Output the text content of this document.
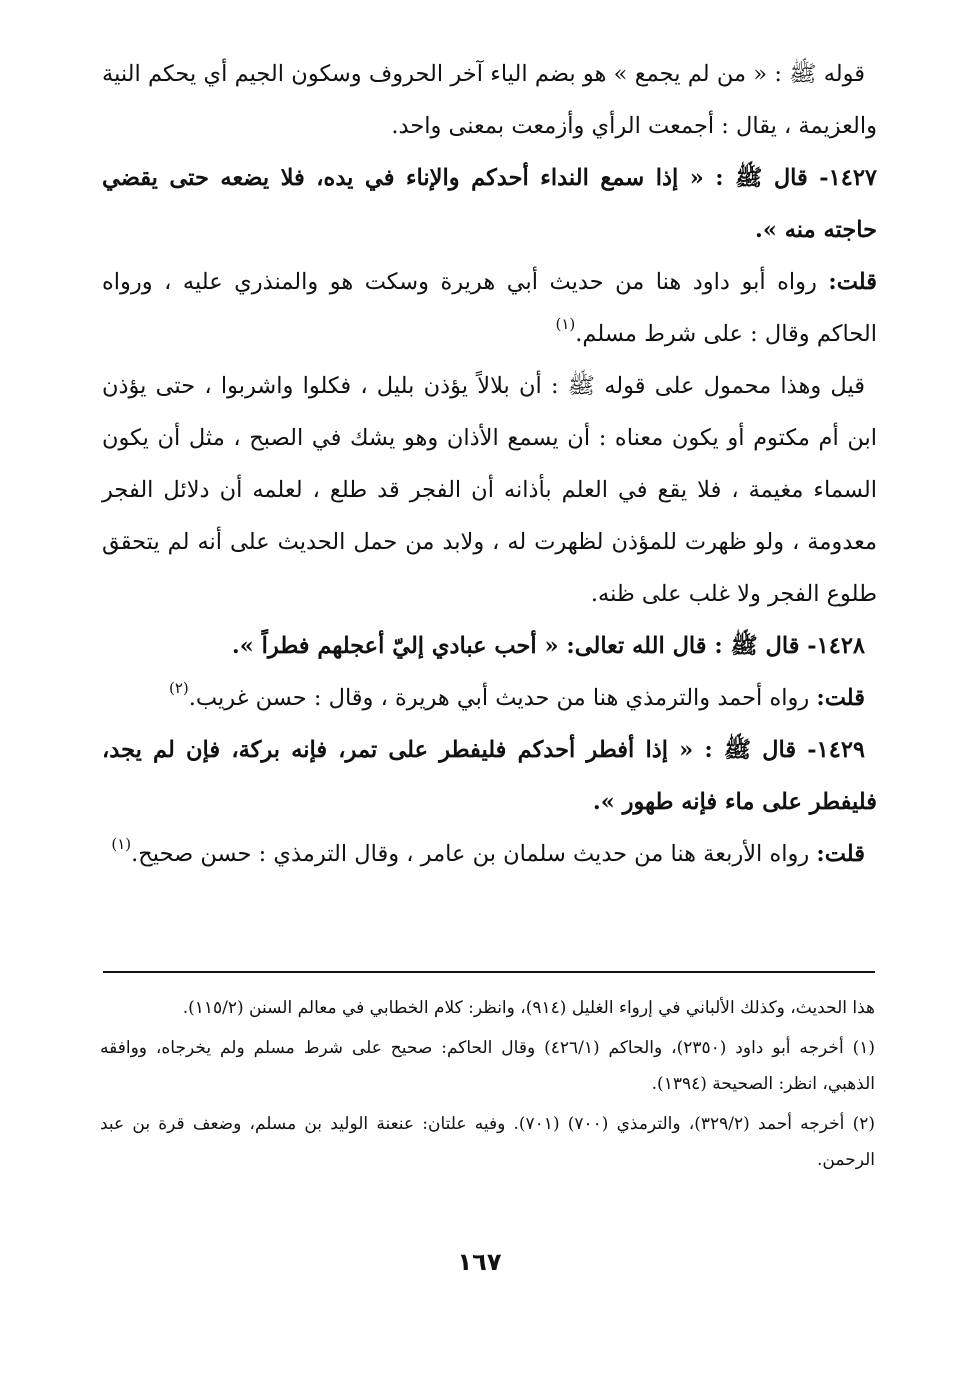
قوله ﷺ : « من لم يجمع » هو بضم الياء آخر الحروف وسكون الجيم أي يحكم النية والعزيمة ، يقال : أجمعت الرأي وأزمعت بمعنى واحد.

١٤٢٧- قال ﷺ : « إذا سمع النداء أحدكم والإناء في يده، فلا يضعه حتى يقضي حاجته منه ».

قلت: رواه أبو داود هنا من حديث أبي هريرة وسكت هو والمنذري عليه ، ورواه الحاكم وقال : على شرط مسلم.$^{(١)}$

قيل وهذا محمول على قوله ﷺ : أن بلالاً يؤذن بليل ، فكلوا واشربوا ، حتى يؤذن ابن أم مكتوم أو يكون معناه : أن يسمع الأذان وهو يشك في الصبح ، مثل أن يكون السماء مغيمة ، فلا يقع في العلم بأذانه أن الفجر قد طلع ، لعلمه أن دلائل الفجر معدومة ، ولو ظهرت للمؤذن لظهرت له ، ولابد من حمل الحديث على أنه لم يتحقق طلوع الفجر ولا غلب على ظنه.

١٤٢٨- قال ﷺ : قال الله تعالى: « أحب عبادي إليّ أعجلهم فطراً ».

قلت: رواه أحمد والترمذي هنا من حديث أبي هريرة ، وقال : حسن غريب.$^{(٢)}$

١٤٢٩- قال ﷺ : « إذا أفطر أحدكم فليفطر على تمر، فإنه بركة، فإن لم يجد، فليفطر على ماء فإنه طهور ».

قلت: رواه الأربعة هنا من حديث سلمان بن عامر ، وقال الترمذي : حسن صحيح.$^{(١)}$

هذا الحديث، وكذلك الألباني في إرواء الغليل (٩١٤)، وانظر: كلام الخطابي في معالم السنن (١١٥/٢).

(١) أخرجه أبو داود (٢٣٥٠)، والحاكم (٤٢٦/١) وقال الحاكم: صحيح على شرط مسلم ولم يخرجاه، ووافقه الذهبي، انظر: الصحيحة (١٣٩٤).

(٢) أخرجه أحمد (٣٢٩/٢)، والترمذي (٧٠٠) (٧٠١). وفيه علتان: عنعنة الوليد بن مسلم، وضعف قرة بن عبد الرحمن.

١٦٧
